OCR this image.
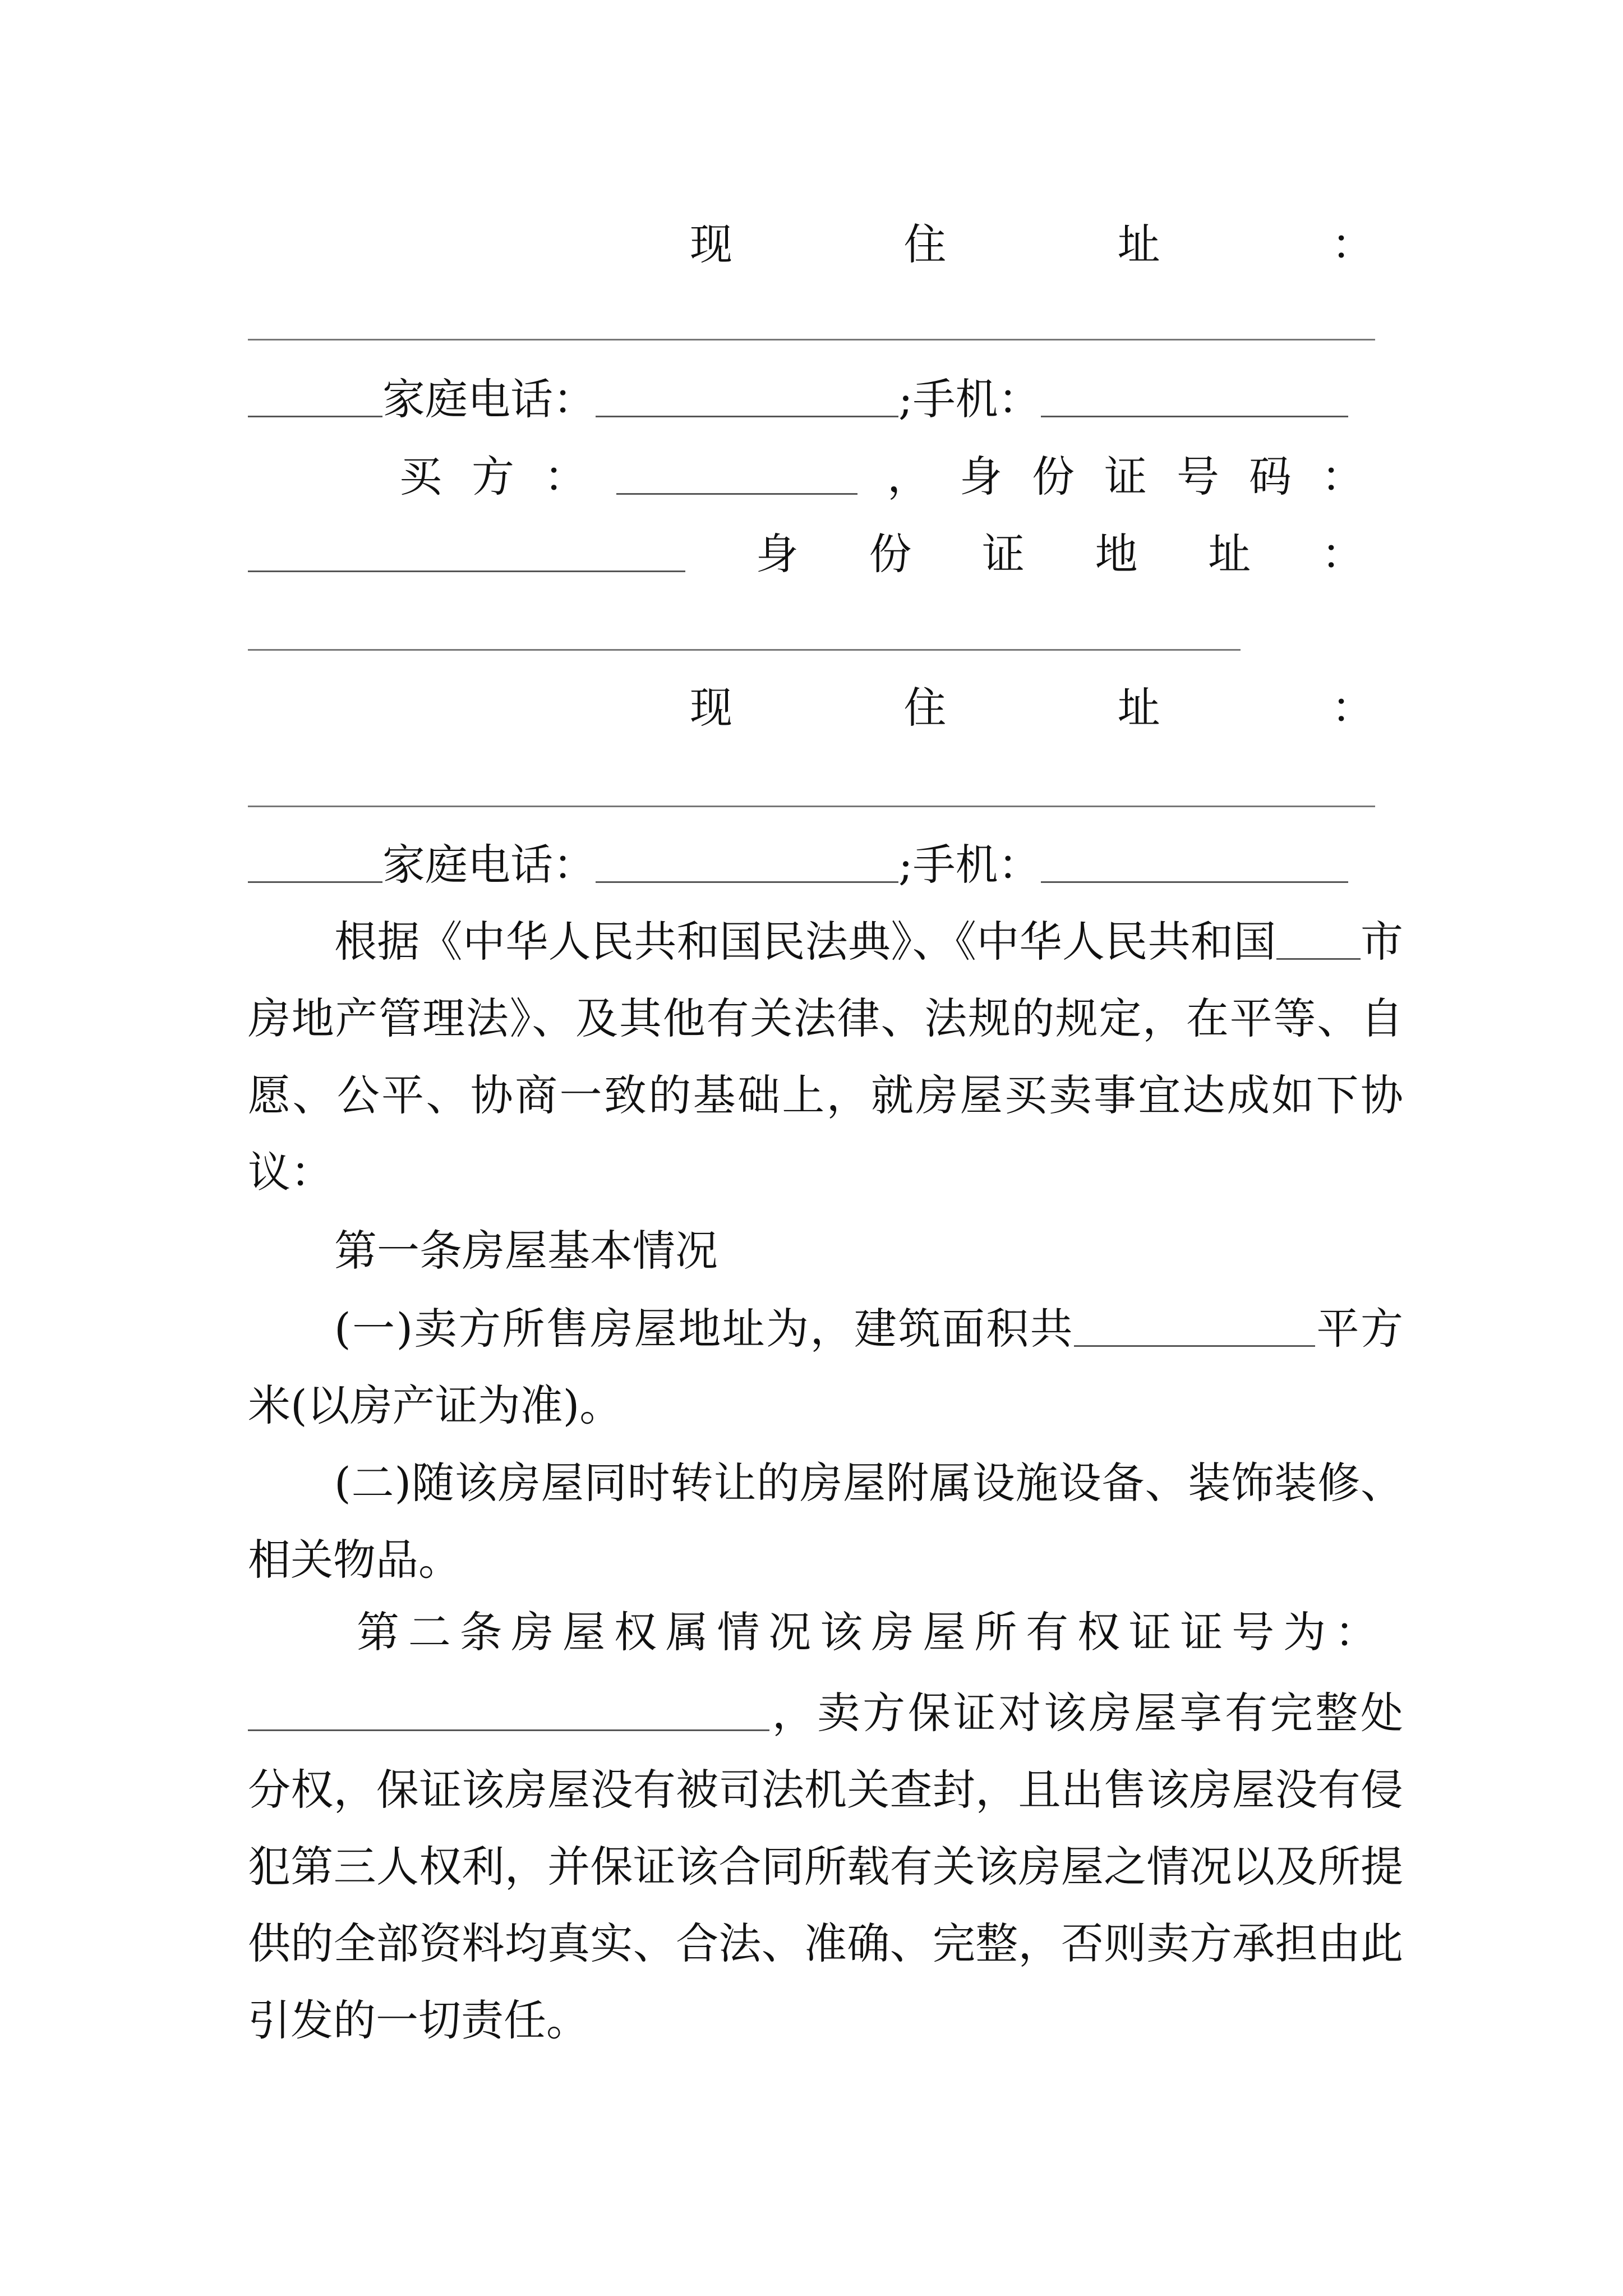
现	住	址	：
家庭电话：	;手机：
买 方 ：	， 身 份 证 号 码 ：
身 份 证 地 址 ：
现	住	址	：
家庭电话：	;手机：
根据《中华人民共和国民法典》、《中华人民共和国 市房地产管理法》、及其他有关法律、法规的规定，在平等、自愿、公平、协商一致的基础上，就房屋买卖事宜达成如下协议：
第一条房屋基本情况
(一)卖方所售房屋地址为，建筑面积共	平方米(以房产证为准)。
(二)随该房屋同时转让的房屋附属设施设备、装饰装修、相关物品。
第 二 条 房 屋 权 属 情 况 该 房 屋 所 有 权 证 证 号 为 ：
，卖方保证对该房屋享有完整处分权，保证该房屋没有被司法机关查封，且出售该房屋没有侵犯第三人权利，并保证该合同所载有关该房屋之情况以及所提供的全部资料均真实、合法、准确、完整，否则卖方承担由此引发的一切责任。
